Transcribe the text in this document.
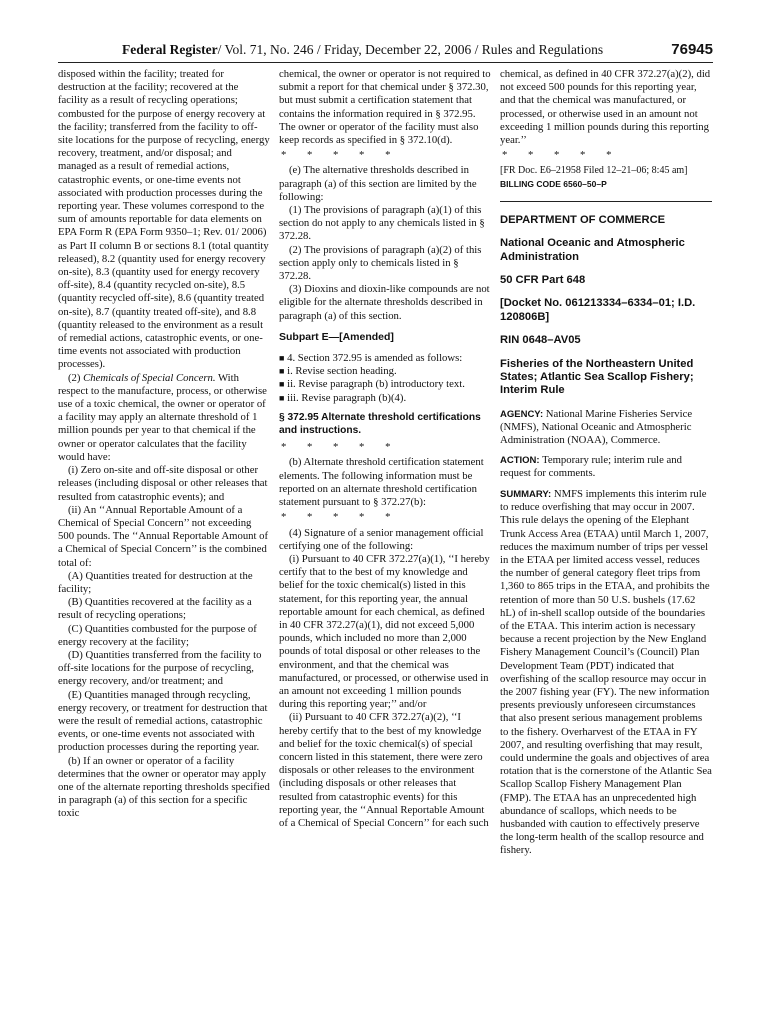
Federal Register/ Vol. 71, No. 246 / Friday, December 22, 2006 / Rules and Regulations	76945

disposed within the facility; treated for destruction at the facility; recovered at the facility as a result of recycling operations; combusted for the purpose of energy recovery at the facility; transferred from the facility to off-site locations for the purpose of recycling, energy recovery, treatment, and/or disposal; and managed as a result of remedial actions, catastrophic events, or one-time events not associated with production processes during the reporting year. These volumes correspond to the sum of amounts reportable for data elements on EPA Form R (EPA Form 9350–1; Rev. 01/ 2006) as Part II column B or sections 8.1 (total quantity released), 8.2 (quantity used for energy recovery on-site), 8.3 (quantity used for energy recovery off-site), 8.4 (quantity recycled on-site), 8.5 (quantity recycled off-site), 8.6 (quantity treated on-site), 8.7 (quantity treated off-site), and 8.8 (quantity released to the environment as a result of remedial actions, catastrophic events, or one-time events not associated with production processes).

(2) Chemicals of Special Concern. With respect to the manufacture, process, or otherwise use of a toxic chemical, the owner or operator of a facility may apply an alternate threshold of 1 million pounds per year to that chemical if the owner or operator calculates that the facility would have:

(i) Zero on-site and off-site disposal or other releases (including disposal or other releases that resulted from catastrophic events); and

(ii) An ‘‘Annual Reportable Amount of a Chemical of Special Concern’’ not exceeding 500 pounds. The ‘‘Annual Reportable Amount of a Chemical of Special Concern’’ is the combined total of:

(A) Quantities treated for destruction at the facility;

(B) Quantities recovered at the facility as a result of recycling operations;

(C) Quantities combusted for the purpose of energy recovery at the facility;

(D) Quantities transferred from the facility to off-site locations for the purpose of recycling, energy recovery, and/or treatment; and

(E) Quantities managed through recycling, energy recovery, or treatment for destruction that were the result of remedial actions, catastrophic events, or one-time events not associated with production processes during the reporting year.

(b) If an owner or operator of a facility determines that the owner or operator may apply one of the alternate reporting thresholds specified in paragraph (a) of this section for a specific toxic

chemical, the owner or operator is not required to submit a report for that chemical under § 372.30, but must submit a certification statement that contains the information required in § 372.95. The owner or operator of the facility must also keep records as specified in § 372.10(d).

* * * * *

(e) The alternative thresholds described in paragraph (a) of this section are limited by the following:

(1) The provisions of paragraph (a)(1) of this section do not apply to any chemicals listed in § 372.28.

(2) The provisions of paragraph (a)(2) of this section apply only to chemicals listed in § 372.28.

(3) Dioxins and dioxin-like compounds are not eligible for the alternate thresholds described in paragraph (a) of this section.

Subpart E—[Amended]

■ 4. Section 372.95 is amended as follows:

■ i. Revise section heading.

■ ii. Revise paragraph (b) introductory text.

■ iii. Revise paragraph (b)(4).

§ 372.95 Alternate threshold certifications and instructions.
* * * * *

(b) Alternate threshold certification statement elements. The following information must be reported on an alternate threshold certification statement pursuant to § 372.27(b):

* * * * *

(4) Signature of a senior management official certifying one of the following:

(i) Pursuant to 40 CFR 372.27(a)(1), ‘‘I hereby certify that to the best of my knowledge and belief for the toxic chemical(s) listed in this statement, for this reporting year, the annual reportable amount for each chemical, as defined in 40 CFR 372.27(a)(1), did not exceed 5,000 pounds, which included no more than 2,000 pounds of total disposal or other releases to the environment, and that the chemical was manufactured, or processed, or otherwise used in an amount not exceeding 1 million pounds during this reporting year;’’ and/or

(ii) Pursuant to 40 CFR 372.27(a)(2), ‘‘I hereby certify that to the best of my knowledge and belief for the toxic chemical(s) of special concern listed in this statement, there were zero disposals or other releases to the environment (including disposals or other releases that resulted from catastrophic events) for this reporting year, the ‘‘Annual Reportable Amount of a Chemical of Special Concern’’ for each such

chemical, as defined in 40 CFR 372.27(a)(2), did not exceed 500 pounds for this reporting year, and that the chemical was manufactured, or processed, or otherwise used in an amount not exceeding 1 million pounds during this reporting year.’’

* * * * *

[FR Doc. E6–21958 Filed 12–21–06; 8:45 am]

BILLING CODE 6560–50–P

DEPARTMENT OF COMMERCE
National Oceanic and Atmospheric Administration
50 CFR Part 648
[Docket No. 061213334–6334–01; I.D. 120806B]
RIN 0648–AV05
Fisheries of the Northeastern United States; Atlantic Sea Scallop Fishery; Interim Rule

AGENCY: National Marine Fisheries Service (NMFS), National Oceanic and Atmospheric Administration (NOAA), Commerce.

ACTION: Temporary rule; interim rule and request for comments.

SUMMARY: NMFS implements this interim rule to reduce overfishing that may occur in 2007. This rule delays the opening of the Elephant Trunk Access Area (ETAA) until March 1, 2007, reduces the maximum number of trips per vessel in the ETAA per limited access vessel, reduces the number of general category fleet trips from 1,360 to 865 trips in the ETAA, and prohibits the retention of more than 50 U.S. bushels (17.62 hL) of in-shell scallop outside of the boundaries of the ETAA. This interim action is necessary because a recent projection by the New England Fishery Management Council’s (Council) Plan Development Team (PDT) indicated that overfishing of the scallop resource may occur in the 2007 fishing year (FY). The new information presents previously unforeseen circumstances that also present serious management problems to the fishery. Overharvest of the ETAA in FY 2007, and resulting overfishing that may result, could undermine the goals and objectives of area rotation that is the cornerstone of the Atlantic Sea Scallop Scallop Fishery Management Plan (FMP). The ETAA has an unprecedented high abundance of scallops, which needs to be husbanded with caution to effectively preserve the long-term health of the scallop resource and fishery.
